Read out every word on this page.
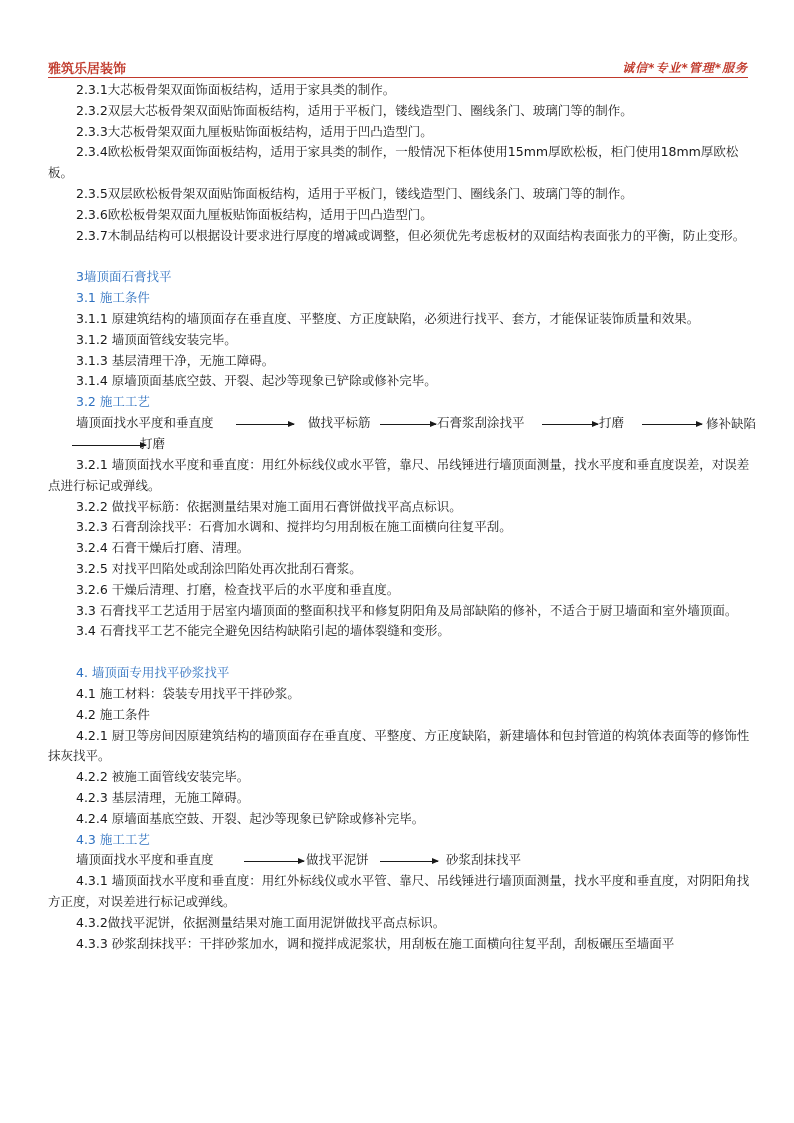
雅筑乐居装饰	诚信*专业*管理*服务

2.3.1大芯板骨架双面饰面板结构，适用于家具类的制作。

2.3.2双层大芯板骨架双面贴饰面板结构，适用于平板门，镂线造型门、圈线条门、玻璃门等的制作。

2.3.3大芯板骨架双面九厘板贴饰面板结构，适用于凹凸造型门。

2.3.4欧松板骨架双面饰面板结构，适用于家具类的制作，一般情况下柜体使用15mm厚欧松板，柜门使用18mm厚欧松板。

2.3.5双层欧松板骨架双面贴饰面板结构，适用于平板门，镂线造型门、圈线条门、玻璃门等的制作。

2.3.6欧松板骨架双面九厘板贴饰面板结构，适用于凹凸造型门。

2.3.7木制品结构可以根据设计要求进行厚度的增减或调整，但必须优先考虑板材的双面结构表面张力的平衡，防止变形。

3墙顶面石膏找平

3.1 施工条件

3.1.1 原建筑结构的墙顶面存在垂直度、平整度、方正度缺陷，必须进行找平、套方，才能保证装饰质量和效果。

3.1.2 墙顶面管线安装完毕。

3.1.3 基层清理干净，无施工障碍。

3.1.4 原墙顶面基底空鼓、开裂、起沙等现象已铲除或修补完毕。

3.2 施工工艺

墙顶面找水平度和垂直度	做找平标筋	石膏浆刮涂找平	打磨	修补缺陷
打磨

3.2.1 墙顶面找水平度和垂直度：用红外标线仪或水平管，靠尺、吊线锤进行墙顶面测量，找水平度和垂直度误差，对误差点进行标记或弹线。

3.2.2 做找平标筋：依据测量结果对施工面用石膏饼做找平高点标识。

3.2.3 石膏刮涂找平：石膏加水调和、搅拌均匀用刮板在施工面横向往复平刮。

3.2.4 石膏干燥后打磨、清理。

3.2.5 对找平凹陷处或刮涂凹陷处再次批刮石膏浆。

3.2.6 干燥后清理、打磨，检查找平后的水平度和垂直度。

3.3 石膏找平工艺适用于居室内墙顶面的整面积找平和修复阴阳角及局部缺陷的修补，不适合于厨卫墙面和室外墙顶面。

3.4 石膏找平工艺不能完全避免因结构缺陷引起的墙体裂缝和变形。

4. 墙顶面专用找平砂浆找平

4.1 施工材料：袋装专用找平干拌砂浆。

4.2 施工条件

4.2.1 厨卫等房间因原建筑结构的墙顶面存在垂直度、平整度、方正度缺陷，新建墙体和包封管道的构筑体表面等的修饰性抹灰找平。

4.2.2 被施工面管线安装完毕。

4.2.3 基层清理，无施工障碍。

4.2.4 原墙面基底空鼓、开裂、起沙等现象已铲除或修补完毕。

4.3 施工工艺

墙顶面找水平度和垂直度	做找平泥饼	砂浆刮抹找平

4.3.1 墙顶面找水平度和垂直度：用红外标线仪或水平管、靠尺、吊线锤进行墙顶面测量，找水平度和垂直度，对阴阳角找方正度，对误差进行标记或弹线。

4.3.2做找平泥饼，依据测量结果对施工面用泥饼做找平高点标识。

4.3.3 砂浆刮抹找平：干拌砂浆加水，调和搅拌成泥浆状，用刮板在施工面横向往复平刮，刮板碾压至墙面平
